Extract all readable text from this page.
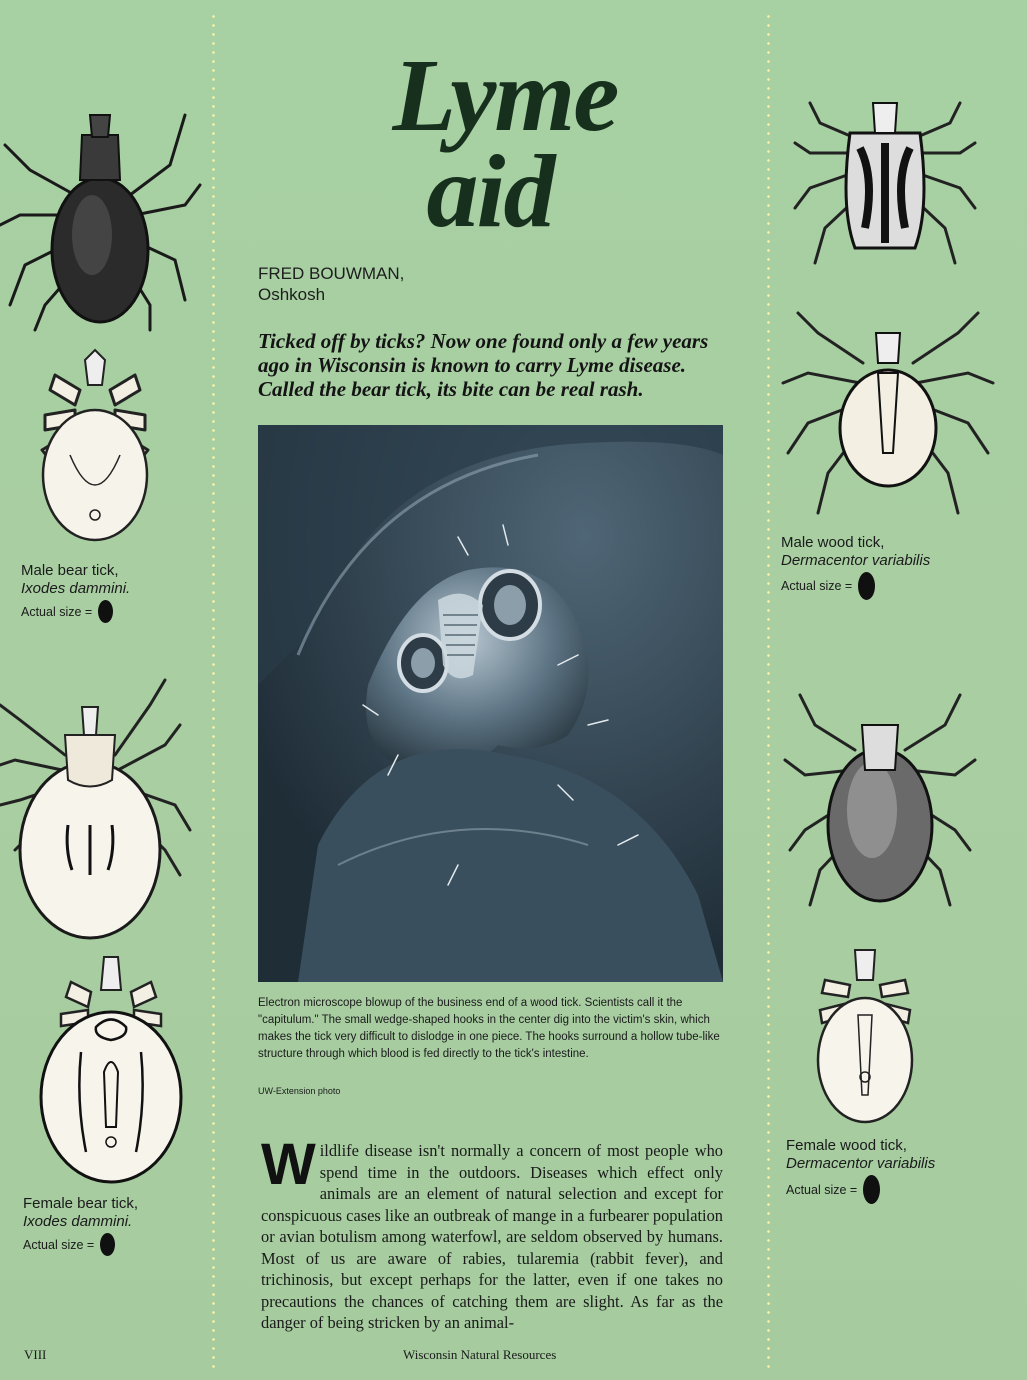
Male bear tick,
Ixodes dammini.
Actual size =
Female bear tick,
Ixodes dammini.
Actual size =
Lyme
aid
FRED BOUWMAN,
Oshkosh
Ticked off by ticks? Now one found only a few years ago in Wisconsin is known to carry Lyme disease. Called the bear tick, its bite can be real rash.
Electron microscope blowup of the business end of a wood tick. Scientists call it the "capitulum." The small wedge-shaped hooks in the center dig into the victim's skin, which makes the tick very difficult to dislodge in one piece. The hooks surround a hollow tube-like structure through which blood is fed directly to the tick's intestine.
UW-Extension photo
Wildlife disease isn't normally a concern of most people who spend time in the outdoors. Diseases which effect only animals are an element of natural selection and except for conspicuous cases like an outbreak of mange in a furbearer population or avian botulism among waterfowl, are seldom observed by humans. Most of us are aware of rabies, tularemia (rabbit fever), and trichinosis, but except perhaps for the latter, even if one takes no precautions the chances of catching them are slight. As far as the danger of being stricken by an animal-
Male wood tick,
Dermacentor variabilis
Actual size =
Female wood tick,
Dermacentor variabilis
Actual size =
VIII	Wisconsin Natural Resources
